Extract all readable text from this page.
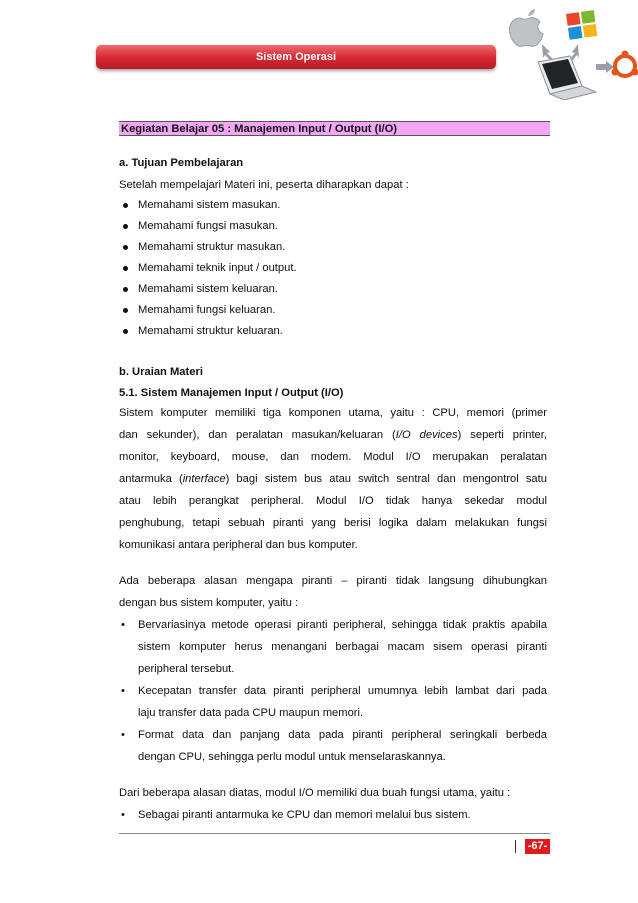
Sistem Operasi
Kegiatan Belajar 05 : Manajemen Input / Output (I/O)
a. Tujuan Pembelajaran
Setelah mempelajari Materi ini, peserta diharapkan dapat :
Memahami sistem masukan.
Memahami fungsi masukan.
Memahami struktur masukan.
Memahami teknik input / output.
Memahami sistem keluaran.
Memahami fungsi keluaran.
Memahami struktur keluaran.
b. Uraian Materi
5.1. Sistem Manajemen Input / Output (I/O)
Sistem komputer memiliki tiga komponen utama, yaitu : CPU, memori (primer
dan sekunder), dan peralatan masukan/keluaran (I/O devices) seperti printer,
monitor, keyboard, mouse, dan modem. Modul I/O merupakan peralatan
antarmuka (interface) bagi sistem bus atau switch sentral dan mengontrol satu
atau lebih perangkat peripheral. Modul I/O tidak hanya sekedar modul
penghubung, tetapi sebuah piranti yang berisi logika dalam melakukan fungsi
komunikasi antara peripheral dan bus komputer.
Ada beberapa alasan mengapa piranti – piranti tidak langsung dihubungkan
dengan bus sistem komputer, yaitu :
• Bervariasinya metode operasi piranti peripheral, sehingga tidak praktis apabila
sistem komputer herus menangani berbagai macam sisem operasi piranti
peripheral tersebut.
• Kecepatan transfer data piranti peripheral umumnya lebih lambat dari pada
laju transfer data pada CPU maupun memori.
• Format data dan panjang data pada piranti peripheral seringkali berbeda
dengan CPU, sehingga perlu modul untuk menselaraskannya.
Dari beberapa alasan diatas, modul I/O memiliki dua buah fungsi utama, yaitu :
• Sebagai piranti antarmuka ke CPU dan memori melalui bus sistem.
-67-
